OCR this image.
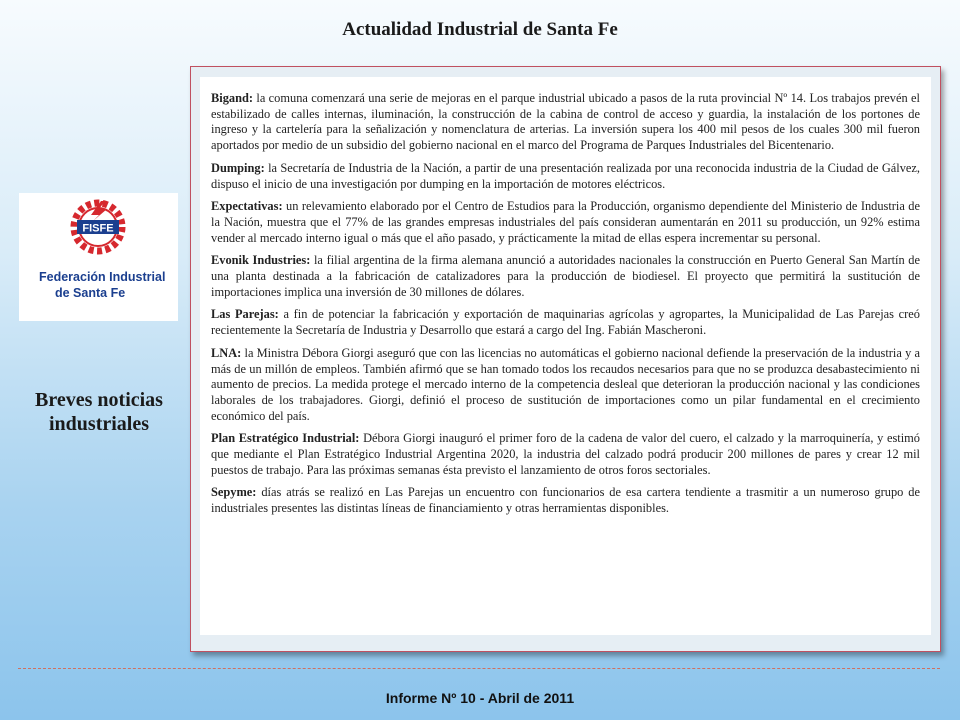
Actualidad Industrial de Santa Fe
FISFE
Federación Industrial
de Santa Fe
Breves noticias industriales

Bigand: la comuna comenzará una serie de mejoras en el parque industrial ubicado a pasos de la ruta provincial Nº 14. Los trabajos prevén el estabilizado de calles internas, iluminación, la construcción de la cabina de control de acceso y guardia, la instalación de los portones de ingreso y la cartelería para la señalización y nomenclatura de arterias. La inversión supera los 400 mil pesos de los cuales 300 mil fueron aportados por medio de un subsidio del gobierno nacional en el marco del Programa de Parques Industriales del Bicentenario.

Dumping: la Secretaría de Industria de la Nación, a partir de una presentación realizada por una reconocida industria de la Ciudad de Gálvez, dispuso el inicio de una investigación por dumping en la importación de motores eléctricos.

Expectativas: un relevamiento elaborado por el Centro de Estudios para la Producción, organismo dependiente del Ministerio de Industria de la Nación, muestra que el 77% de las grandes empresas industriales del país consideran aumentarán en 2011 su producción, un 92% estima vender al mercado interno igual o más que el año pasado, y prácticamente la mitad de ellas espera incrementar su personal.

Evonik Industries: la filial argentina de la firma alemana anunció a autoridades nacionales la construcción en Puerto General San Martín de una planta destinada a la fabricación de catalizadores para la producción de biodiesel. El proyecto que permitirá la sustitución de importaciones implica una inversión de 30 millones de dólares.

Las Parejas: a fin de potenciar la fabricación y exportación de maquinarias agrícolas y agropartes, la Municipalidad de Las Parejas creó recientemente la Secretaría de Industria y Desarrollo que estará a cargo del Ing. Fabián Mascheroni.

LNA: la Ministra Débora Giorgi aseguró que con las licencias no automáticas el gobierno nacional defiende la preservación de la industria y a más de un millón de empleos. También afirmó que se han tomado todos los recaudos necesarios para que no se produzca desabastecimiento ni aumento de precios. La medida protege el mercado interno de la competencia desleal que deterioran la producción nacional y las condiciones laborales de los trabajadores. Giorgi, definió el proceso de sustitución de importaciones como un pilar fundamental en el crecimiento económico del país.

Plan Estratégico Industrial: Débora Giorgi inauguró el primer foro de la cadena de valor del cuero, el calzado y la marroquinería, y estimó que mediante el Plan Estratégico Industrial Argentina 2020, la industria del calzado podrá producir 200 millones de pares y crear 12 mil puestos de trabajo. Para las próximas semanas ésta previsto el lanzamiento de otros foros sectoriales.

Sepyme: días atrás se realizó en Las Parejas un encuentro con funcionarios de esa cartera tendiente a trasmitir a un numeroso grupo de industriales presentes las distintas líneas de financiamiento y otras herramientas disponibles.

Informe Nº 10 - Abril de 2011
